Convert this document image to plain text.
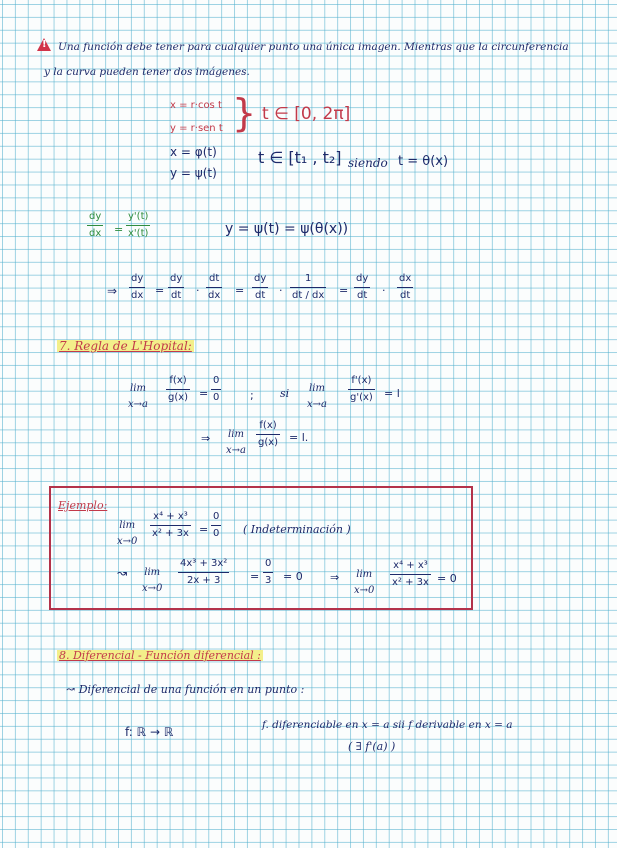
!
Una función debe tener para cualquier punto una única imagen. Mientras que la circunferencia
y la curva pueden tener dos imágenes.
x = r·cos t
y = r·sen t } t ∈ [0, 2π]
x = φ(t)
y = ψ(t)
t ∈ [t₁ , t₂] siendo t = θ(x)
dy
dx =
y'(t)
x'(t)	y = ψ(t) = ψ(θ(x))
⇒
dy
dx =
dy
dt ·
dt
dx =
dy
dt ·
1
dt / dx =
dy
dt ·
dx
dt
7. Regla de L'Hopital:
lim
x→a
f(x)
g(x) =
0
0	; si lim
x→a
f'(x)
g'(x) = l
⇒ lim
x→a
f(x)
g(x) = l.
Ejemplo:
lim
x→0
x⁴ + x³
x² + 3x =
0
0 ( Indeterminación )
↝ lim
x→0
4x³ + 3x²
2x + 3	=
0
3 = 0 ⇒ lim
x→0
x⁴ + x³
x² + 3x = 0
8. Diferencial - Función diferencial :
↝ Diferencial de una función en un punto :
f: ℝ → ℝ	f. diferenciable en x = a sii f derivable en x = a
( ∃ f'(a) )
